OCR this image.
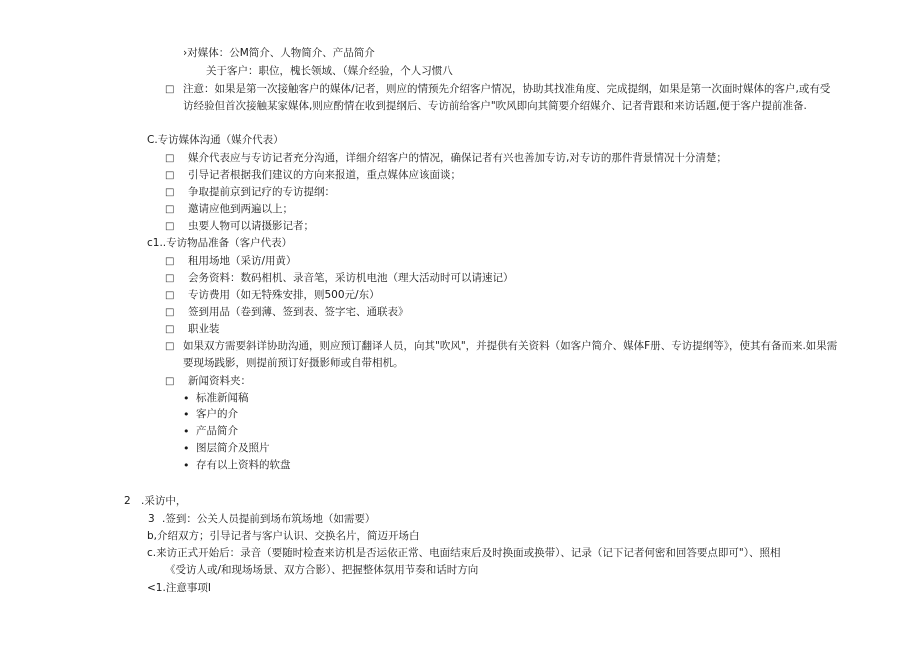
›对媒体：公M简介、人物简介、产品简介
关于客户：职位，槐长领域、（媒介经验，个人习惯八
□ 注意：如果是第一次接触客户的媒体/记者，则应的情预先介绍客户情况，协助其找准角度、完成提纲，如果是第一次面时媒体的客户,或有受访经验但首次接触某家媒体,则应酌情在收到提纲后、专访前给客户"吹风即向其简要介绍媒介、记者背跟和来访话题,便于客户提前准备.
C.专访媒体沟通（媒介代表）
□ 媒介代表应与专访记者充分沟通，详细介绍客户的情况，确保记者有兴也善加专访,对专访的那件背景情况十分清楚；
□ 引导记者根据我们建议的方向来报道，重点媒体应该面谈；
□ 争取提前京到记疗的专访提纲：
□ 邀请应他到两遍以上；
□ 虫要人物可以请摄影记者；
c1..专访物品准备（客户代表）
□ 租用场地（采访/用黄）
□ 会务资料：数码相机、录音笔，采访机电池（理大活动时可以请速记）
□ 专访费用（如无特殊安排，则500元/东）
□ 签到用品（卷到薄、签到表、签字宅、通联表》
□ 职业装
□ 如果双方需要斜详协助沟通，则应预订翻译人员，向其"吹风"，并提供有关资料（如客户简介、媒体F册、专访提纲等》，使其有备而来.如果需要现场践影，则提前预订好摄影师或自带相机。
□ 新闻资料夹：
• 标准新闻稿
• 客户的介
• 产品简介
• 图层简介及照片
• 存有以上资料的软盘
2 .采访中，
3 .签到：公关人员提前到场布筑场地（如需要）
b,介绍双方；引导记者与客户认识、交换名片，简迈开场白
c.来访正式开始后：录音（要随时检查来访机是否运依正常、电面结束后及时换面或换带）、记录（记下记者何密和回答要点即可"）、照相
《受访人或/和现场场景、双方合影）、把握整体氛用节奏和话时方向
<1.注意事项I
